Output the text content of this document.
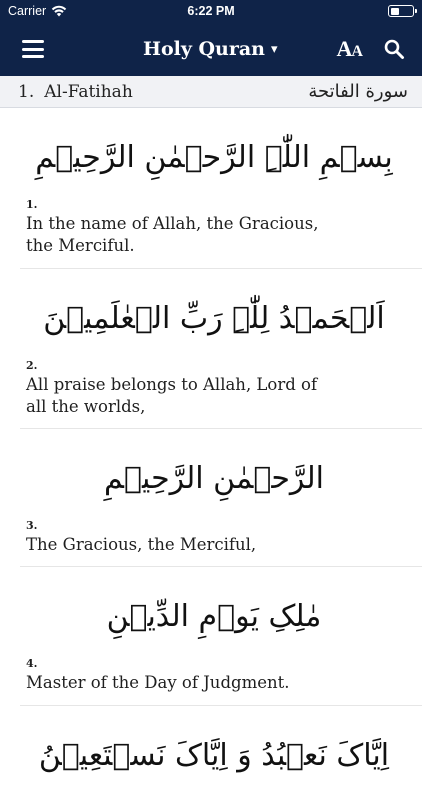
Carrier	6:22 PM
Holy Quran ▾	AA
1. Al-Fatihah	سورة الفاتحة
بِسۡمِ اللّٰہِ الرَّحۡمٰنِ الرَّحِیۡمِ
1.
In the name of Allah, the Gracious, the Merciful.
اَلۡحَمۡدُ لِلّٰہِ رَبِّ الۡعٰلَمِیۡنَ
2.
All praise belongs to Allah, Lord of all the worlds,
الرَّحۡمٰنِ الرَّحِیۡمِ
3.
The Gracious, the Merciful,
مٰلِکِ یَوۡمِ الدِّیۡنِ
4.
Master of the Day of Judgment.
اِیَّاکَ نَعۡبُدُ وَ اِیَّاکَ نَسۡتَعِیۡنُ
